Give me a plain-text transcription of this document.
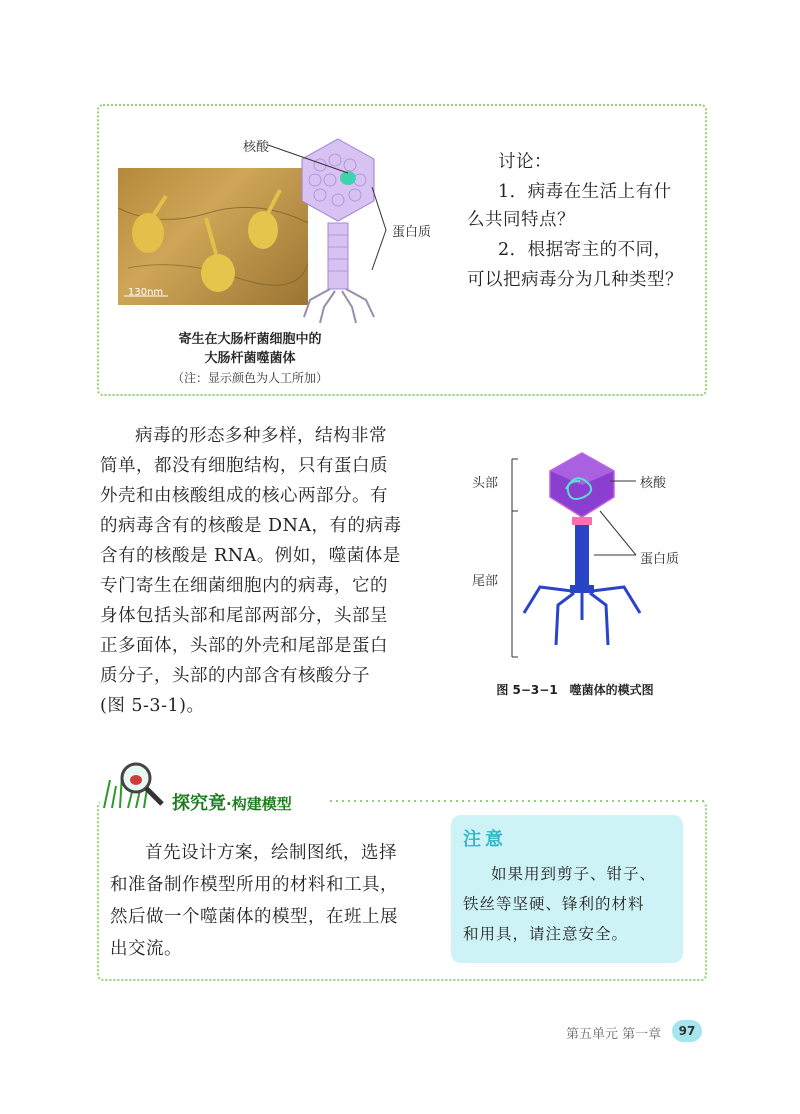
130nm
核酸
蛋白质
寄生在大肠杆菌细胞中的
大肠杆菌噬菌体
（注：显示颜色为人工所加）
讨论：
1．病毒在生活上有什
么共同特点？
2．根据寄主的不同，
可以把病毒分为几种类型？
病毒的形态多种多样，结构非常
简单，都没有细胞结构，只有蛋白质
外壳和由核酸组成的核心两部分。有
的病毒含有的核酸是 DNA，有的病毒
含有的核酸是 RNA。例如，噬菌体是
专门寄生在细菌细胞内的病毒，它的
身体包括头部和尾部两部分，头部呈
正多面体，头部的外壳和尾部是蛋白
质分子，头部的内部含有核酸分子
(图 5-3-1)。
头部
尾部
核酸
蛋白质
图 5−3−1　噬菌体的模式图
探究竟·构建模型
首先设计方案，绘制图纸，选择
和准备制作模型所用的材料和工具，
然后做一个噬菌体的模型，在班上展
出交流。
注意
如果用到剪子、钳子、
铁丝等坚硬、锋利的材料
和用具，请注意安全。
第五单元 第一章	97
